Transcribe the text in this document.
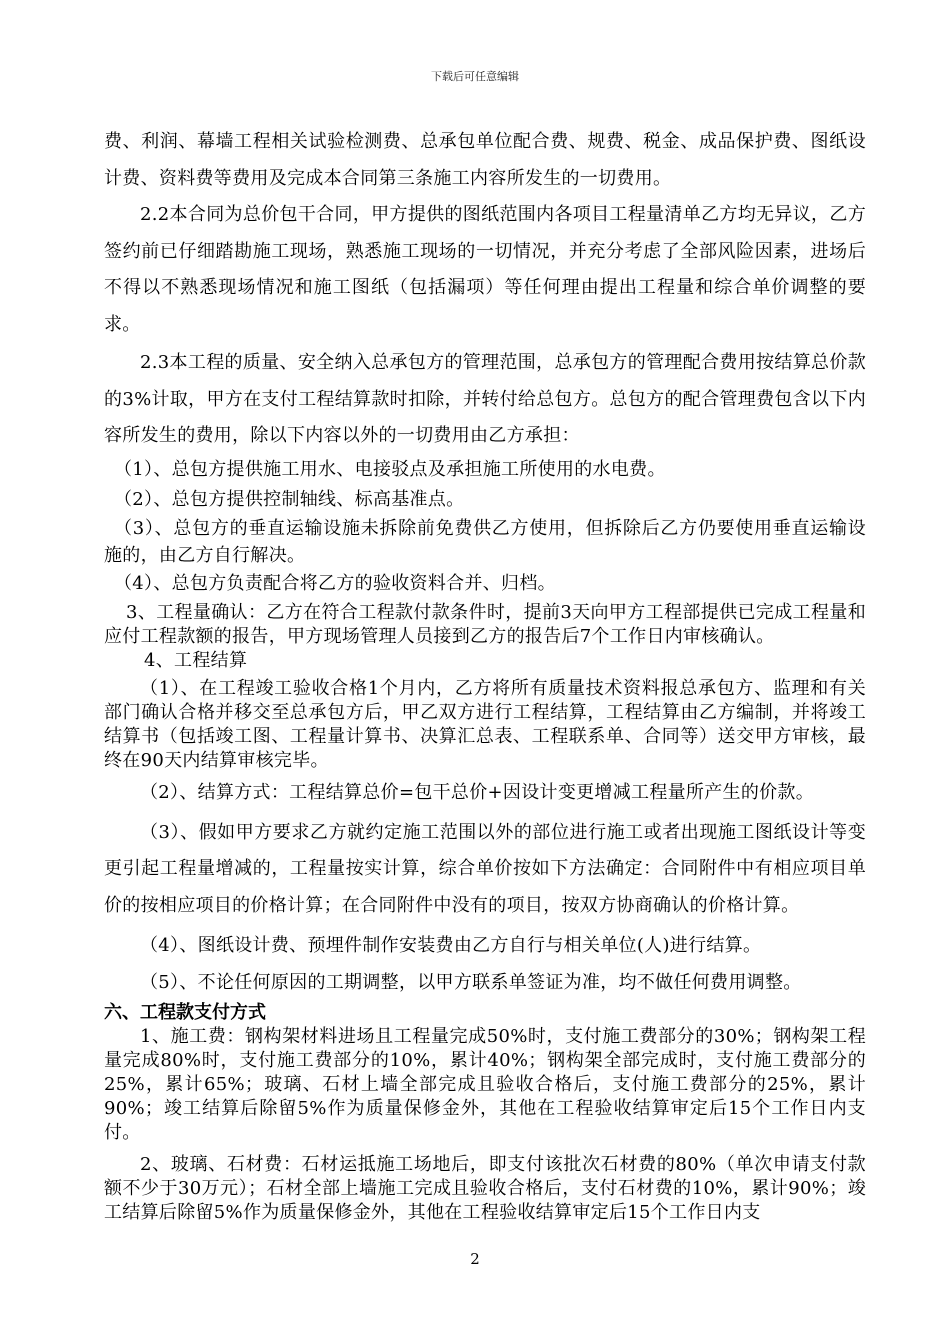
下载后可任意编辑

费、利润、幕墙工程相关试验检测费、总承包单位配合费、规费、税金、成品保护费、图纸设计费、资料费等费用及完成本合同第三条施工内容所发生的一切费用。

2.2本合同为总价包干合同，甲方提供的图纸范围内各项目工程量清单乙方均无异议，乙方签约前已仔细踏勘施工现场，熟悉施工现场的一切情况，并充分考虑了全部风险因素，进场后不得以不熟悉现场情况和施工图纸（包括漏项）等任何理由提出工程量和综合单价调整的要求。

2.3本工程的质量、安全纳入总承包方的管理范围，总承包方的管理配合费用按结算总价款的3%计取，甲方在支付工程结算款时扣除，并转付给总包方。总包方的配合管理费包含以下内容所发生的费用，除以下内容以外的一切费用由乙方承担：

（1）、总包方提供施工用水、电接驳点及承担施工所使用的水电费。

（2）、总包方提供控制轴线、标高基准点。

（3）、总包方的垂直运输设施未拆除前免费供乙方使用，但拆除后乙方仍要使用垂直运输设施的，由乙方自行解决。

（4）、总包方负责配合将乙方的验收资料合并、归档。

3、工程量确认：乙方在符合工程款付款条件时，提前3天向甲方工程部提供已完成工程量和应付工程款额的报告，甲方现场管理人员接到乙方的报告后7个工作日内审核确认。

4、工程结算

（1）、在工程竣工验收合格1个月内，乙方将所有质量技术资料报总承包方、监理和有关部门确认合格并移交至总承包方后，甲乙双方进行工程结算，工程结算由乙方编制，并将竣工结算书（包括竣工图、工程量计算书、决算汇总表、工程联系单、合同等）送交甲方审核，最终在90天内结算审核完毕。

（2）、结算方式：工程结算总价=包干总价+因设计变更增减工程量所产生的价款。

（3）、假如甲方要求乙方就约定施工范围以外的部位进行施工或者出现施工图纸设计等变更引起工程量增减的，工程量按实计算，综合单价按如下方法确定：合同附件中有相应项目单价的按相应项目的价格计算；在合同附件中没有的项目，按双方协商确认的价格计算。

（4）、图纸设计费、预埋件制作安装费由乙方自行与相关单位(人)进行结算。

（5）、不论任何原因的工期调整，以甲方联系单签证为准，均不做任何费用调整。

六、工程款支付方式

1、施工费：钢构架材料进场且工程量完成50%时，支付施工费部分的30%；钢构架工程量完成80%时，支付施工费部分的10%，累计40%；钢构架全部完成时，支付施工费部分的25%，累计65%；玻璃、石材上墙全部完成且验收合格后，支付施工费部分的25%，累计90%；竣工结算后除留5%作为质量保修金外，其他在工程验收结算审定后15个工作日内支付。

2、玻璃、石材费：石材运抵施工场地后，即支付该批次石材费的80%（单次申请支付款额不少于30万元）；石材全部上墙施工完成且验收合格后，支付石材费的10%，累计90%；竣工结算后除留5%作为质量保修金外，其他在工程验收结算审定后15个工作日内支

2
